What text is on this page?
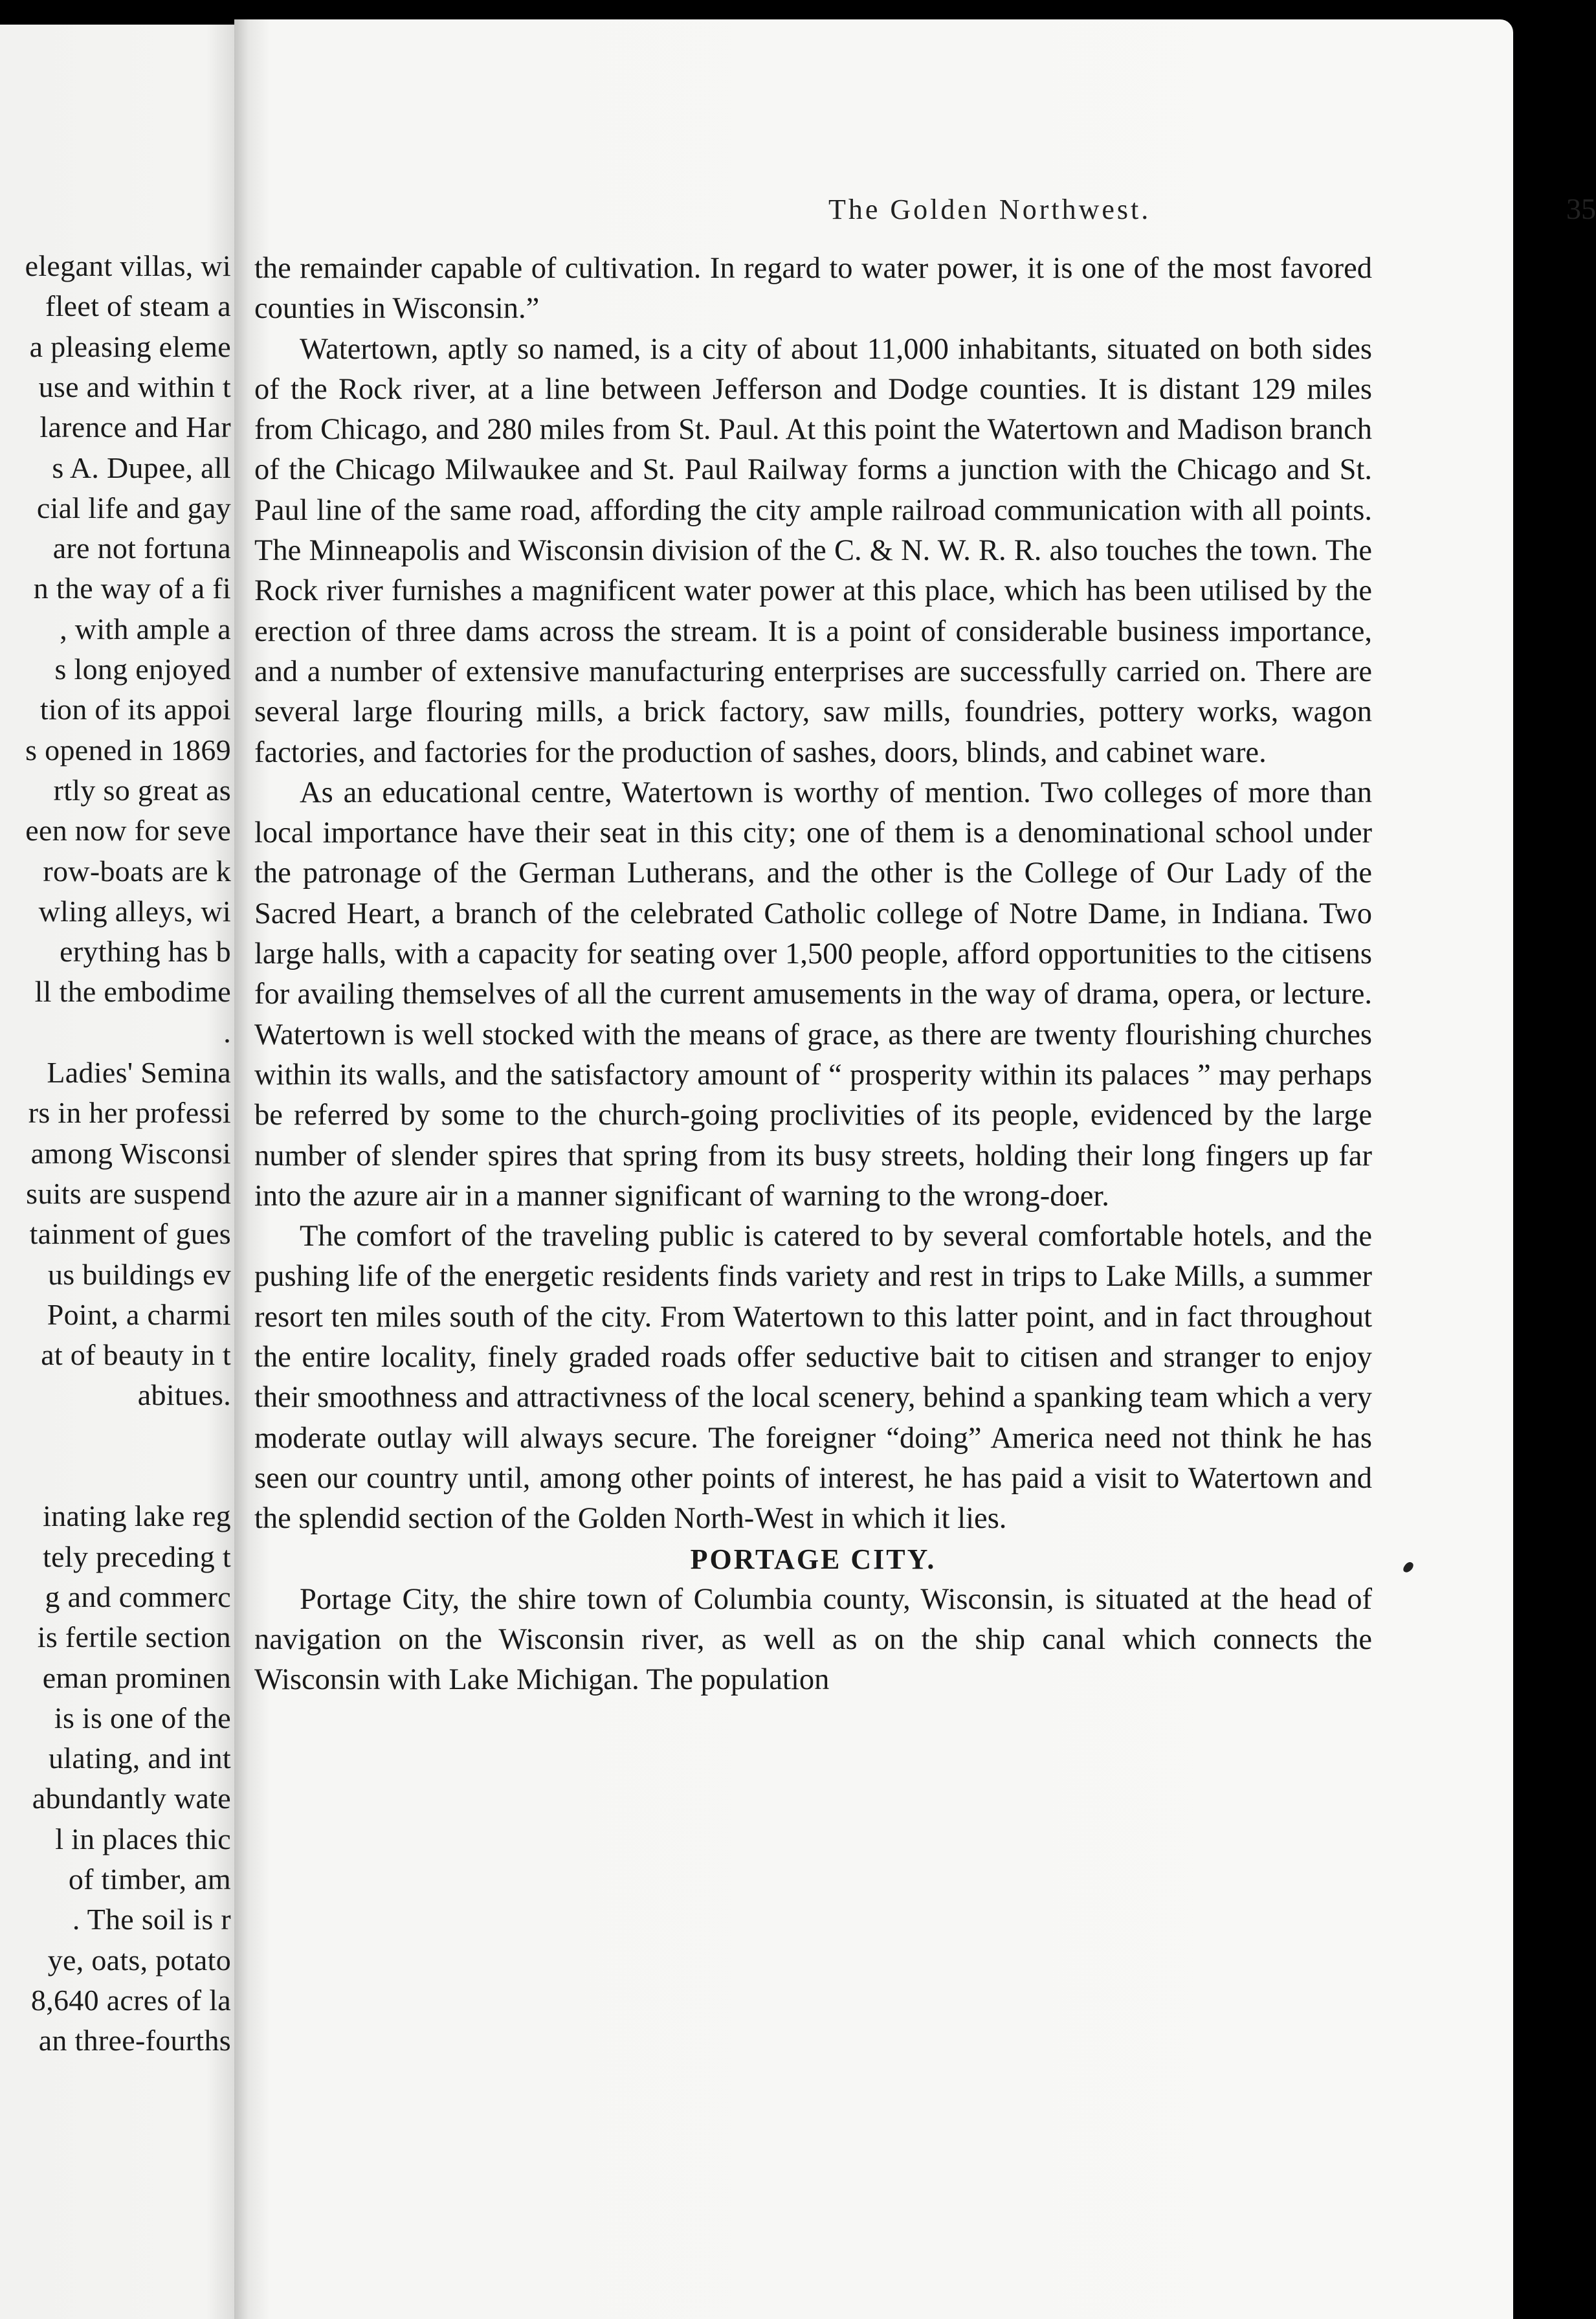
elegant villas, wi
fleet of steam a
a pleasing eleme
use and within t
larence and Har
s A. Dupee, all
cial life and gay
are not fortuna
n the way of a fi
, with ample a
s long enjoyed
tion of its appoi
s opened in 1869
rtly so great as
een now for seve
row-boats are k
wling alleys, wi
erything has b
ll the embodime
.
Ladies' Semina
rs in her professi
among Wisconsi
suits are suspend
tainment of gues
us buildings ev
Point, a charmi
at of beauty in t
abitues.
inating lake reg
tely preceding t
g and commerc
is fertile section
eman prominen
is is one of the
ulating, and int
abundantly wate
l in places thic
of timber, am
. The soil is r
ye, oats, potato
8,640 acres of la
an three-fourths
The Golden Northwest.	35

the remainder capable of cultivation. In regard to water power, it is one of the most favored counties in Wisconsin.”

Watertown, aptly so named, is a city of about 11,000 inhabitants, situated on both sides of the Rock river, at a line between Jefferson and Dodge counties. It is distant 129 miles from Chicago, and 280 miles from St. Paul. At this point the Watertown and Madison branch of the Chicago Milwaukee and St. Paul Railway forms a junction with the Chicago and St. Paul line of the same road, affording the city ample railroad communication with all points. The Minneapolis and Wisconsin division of the C. & N. W. R. R. also touches the town. The Rock river furnishes a magnificent water power at this place, which has been utilised by the erection of three dams across the stream. It is a point of considerable business importance, and a number of extensive manufacturing enterprises are successfully carried on. There are several large flouring mills, a brick factory, saw mills, foundries, pottery works, wagon factories, and factories for the production of sashes, doors, blinds, and cabinet ware.

As an educational centre, Watertown is worthy of mention. Two colleges of more than local importance have their seat in this city; one of them is a denominational school under the patronage of the German Lutherans, and the other is the College of Our Lady of the Sacred Heart, a branch of the celebrated Catholic college of Notre Dame, in Indiana. Two large halls, with a capacity for seating over 1,500 people, afford opportunities to the citisens for availing themselves of all the current amusements in the way of drama, opera, or lecture. Watertown is well stocked with the means of grace, as there are twenty flourishing churches within its walls, and the satisfactory amount of “ prosperity within its palaces ” may perhaps be referred by some to the church-going proclivities of its people, evidenced by the large number of slender spires that spring from its busy streets, holding their long fingers up far into the azure air in a manner significant of warning to the wrong-doer.

The comfort of the traveling public is catered to by several comfortable hotels, and the pushing life of the energetic residents finds variety and rest in trips to Lake Mills, a summer resort ten miles south of the city. From Watertown to this latter point, and in fact throughout the entire locality, finely graded roads offer seductive bait to citisen and stranger to enjoy their smoothness and attractivness of the local scenery, behind a spanking team which a very moderate outlay will always secure. The foreigner “doing” America need not think he has seen our country until, among other points of interest, he has paid a visit to Watertown and the splendid section of the Golden North-West in which it lies.

PORTAGE CITY.

Portage City, the shire town of Columbia county, Wisconsin, is situated at the head of navigation on the Wisconsin river, as well as on the ship canal which connects the Wisconsin with Lake Michigan. The population
